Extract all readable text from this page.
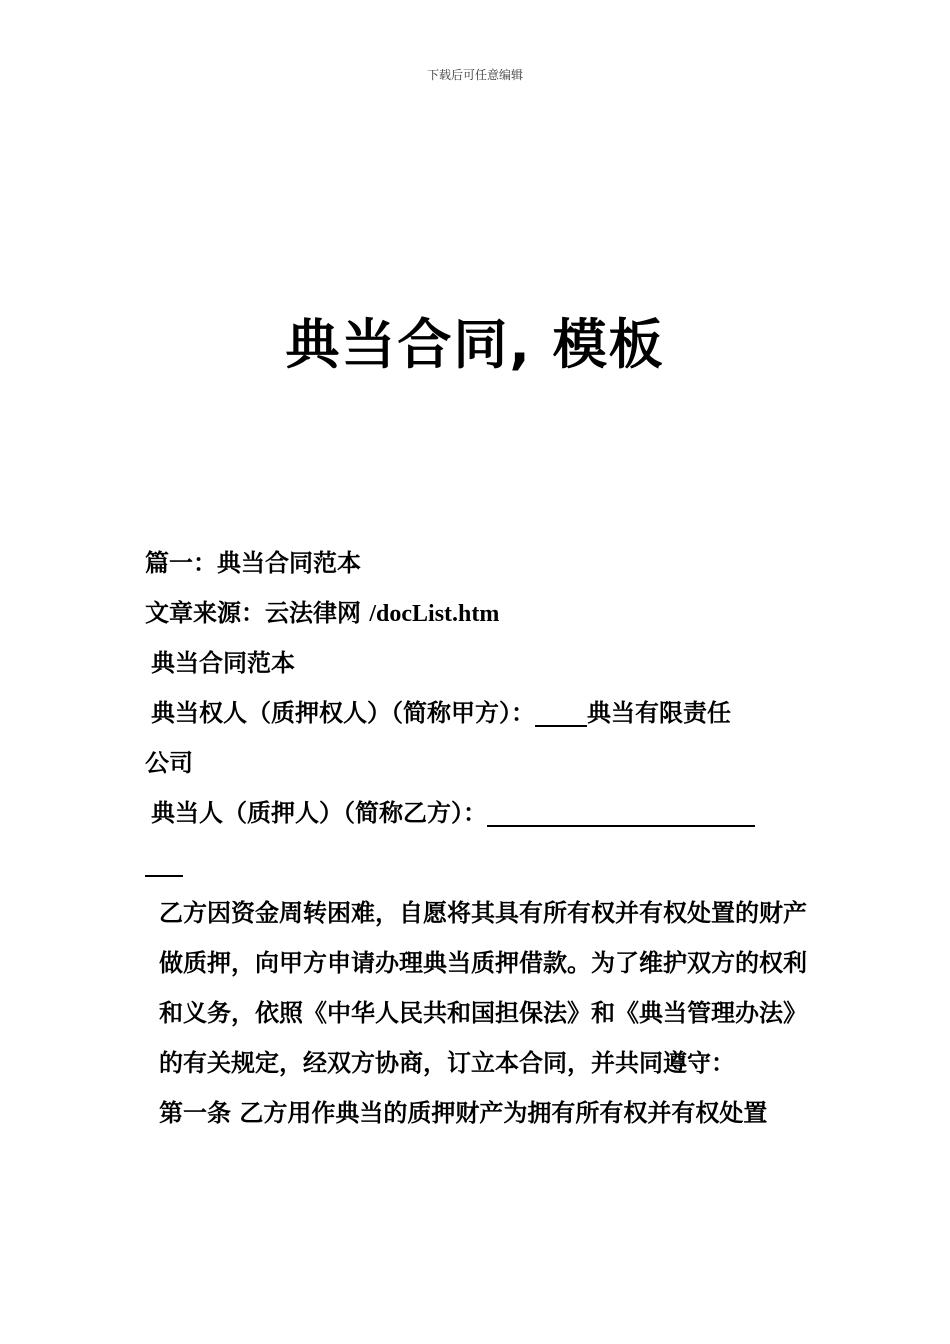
下载后可任意编辑
典当合同, 模板
篇一：典当合同范本
文章来源：云法律网 /docList.htm
典当合同范本
典当权人（质押权人）（简称甲方）： 典当有限责任
公司
典当人（质押人）（简称乙方）：
乙方因资金周转困难，自愿将其具有所有权并有权处置的财产做质押，向甲方申请办理典当质押借款。为了维护双方的权利和义务，依照《中华人民共和国担保法》和《典当管理办法》的有关规定，经双方协商，订立本合同，并共同遵守：
第一条 乙方用作典当的质押财产为拥有所有权并有权处置
